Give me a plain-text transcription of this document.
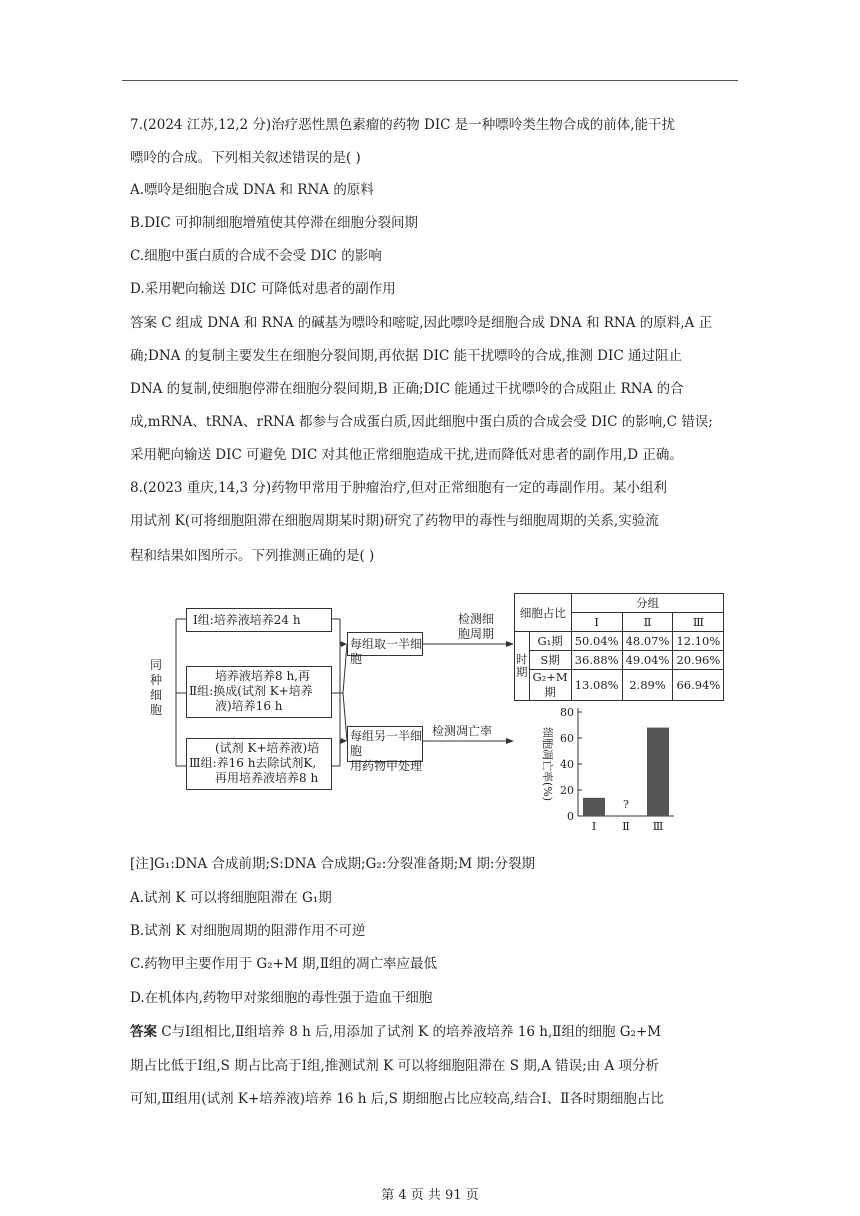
7.(2024 江苏,12,2 分)治疗恶性黑色素瘤的药物 DIC 是一种嘌呤类生物合成的前体,能干扰
嘌呤的合成。下列相关叙述错误的是( )
A.嘌呤是细胞合成 DNA 和 RNA 的原料
B.DIC 可抑制细胞增殖使其停滞在细胞分裂间期
C.细胞中蛋白质的合成不会受 DIC 的影响
D.采用靶向输送 DIC 可降低对患者的副作用
答案 C 组成 DNA 和 RNA 的碱基为嘌呤和嘧啶,因此嘌呤是细胞合成 DNA 和 RNA 的原料,A 正
确;DNA 的复制主要发生在细胞分裂间期,再依据 DIC 能干扰嘌呤的合成,推测 DIC 通过阻止
DNA 的复制,使细胞停滞在细胞分裂间期,B 正确;DIC 能通过干扰嘌呤的合成阻止 RNA 的合
成,mRNA、tRNA、rRNA 都参与合成蛋白质,因此细胞中蛋白质的合成会受 DIC 的影响,C 错误;
采用靶向输送 DIC 可避免 DIC 对其他正常细胞造成干扰,进而降低对患者的副作用,D 正确。
8.(2023 重庆,14,3 分)药物甲常用于肿瘤治疗,但对正常细胞有一定的毒副作用。某小组利
用试剂 K(可将细胞阻滞在细胞周期某时期)研究了药物甲的毒性与细胞周期的关系,实验流
程和结果如图所示。下列推测正确的是( )
同种细胞
Ⅰ组:培养液培养24 h
培养液培养8 h,再
Ⅱ组:换成(试剂 K+培养
液)培养16 h
(试剂 K+培养液)培
Ⅲ组:养16 h去除试剂K,
再用培养液培养8 h
每组取一半细胞
每组另一半细胞
用药物甲处理
检测细
胞周期
检测凋亡率
细胞占比		分组		
		Ⅰ	Ⅱ	Ⅲ
时期	G₁期	50.04%	48.07%	12.10%
	S期	36.88%	49.04%	20.96%
	G₂+M期	13.08%	2.89%	66.94%
0
20
40
60
80
Ⅰ
?
Ⅱ Ⅲ
细胞凋亡率(%)
[注]G₁:DNA 合成前期;S:DNA 合成期;G₂:分裂准备期;M 期:分裂期
A.试剂 K 可以将细胞阻滞在 G₁期
B.试剂 K 对细胞周期的阻滞作用不可逆
C.药物甲主要作用于 G₂+M 期,Ⅱ组的凋亡率应最低
D.在机体内,药物甲对浆细胞的毒性强于造血干细胞
答案 C与Ⅰ组相比,Ⅱ组培养 8 h 后,用添加了试剂 K 的培养液培养 16 h,Ⅱ组的细胞 G₂+M
期占比低于Ⅰ组,S 期占比高于Ⅰ组,推测试剂 K 可以将细胞阻滞在 S 期,A 错误;由 A 项分析
可知,Ⅲ组用(试剂 K+培养液)培养 16 h 后,S 期细胞占比应较高,结合Ⅰ、Ⅱ各时期细胞占比
第 4 页 共 91 页
